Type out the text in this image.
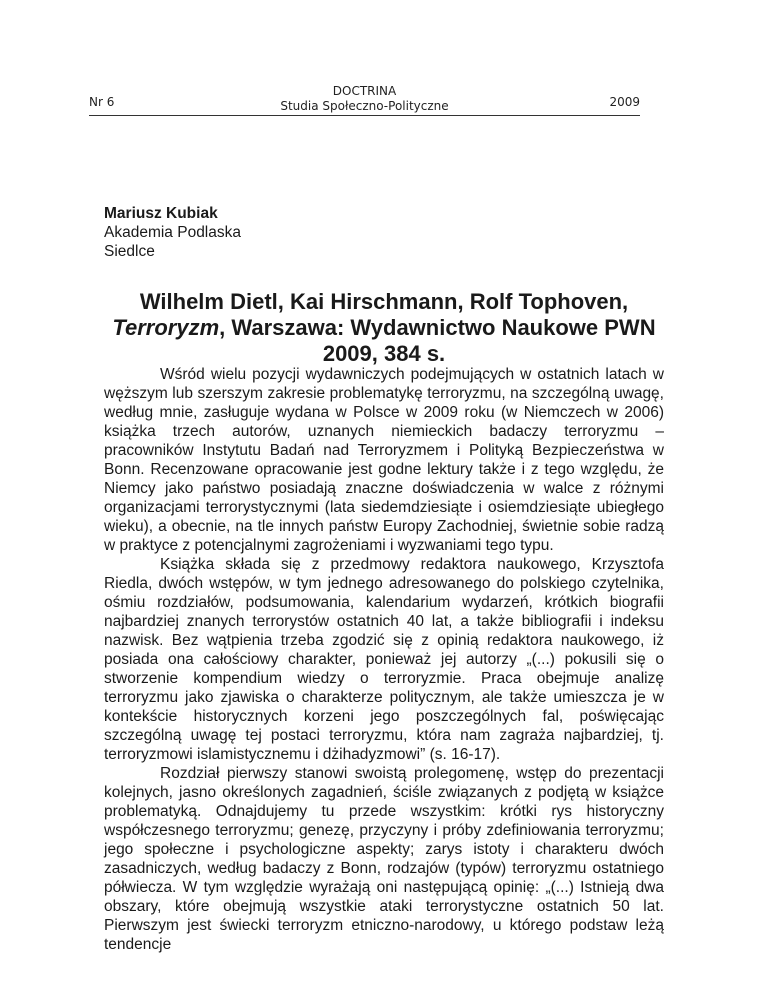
Nr 6
DOCTRINA
Studia Społeczno-Polityczne	2009
Mariusz Kubiak
Akademia Podlaska
Siedlce
Wilhelm Dietl, Kai Hirschmann, Rolf Tophoven,
Terroryzm, Warszawa: Wydawnictwo Naukowe PWN
2009, 384 s.

Wśród wielu pozycji wydawniczych podejmujących w ostatnich latach w węższym lub szerszym zakresie problematykę terroryzmu, na szczególną uwagę, według mnie, zasługuje wydana w Polsce w 2009 roku (w Niemczech w 2006) książka trzech autorów, uznanych niemieckich badaczy terroryzmu – pracowników Instytutu Badań nad Terroryzmem i Polityką Bezpieczeństwa w Bonn. Recenzowane opracowanie jest godne lektury także i z tego względu, że Niemcy jako państwo posiadają znaczne doświadczenia w walce z różnymi organizacjami terrorystycznymi (lata siedemdziesiąte i osiemdziesiąte ubiegłego wieku), a obecnie, na tle innych państw Europy Zachodniej, świetnie sobie radzą w praktyce z potencjalnymi zagrożeniami i wyzwaniami tego typu.

Książka składa się z przedmowy redaktora naukowego, Krzysztofa Riedla, dwóch wstępów, w tym jednego adresowanego do polskiego czytelnika, ośmiu rozdziałów, podsumowania, kalendarium wydarzeń, krótkich biografii najbardziej znanych terrorystów ostatnich 40 lat, a także bibliografii i indeksu nazwisk. Bez wątpienia trzeba zgodzić się z opinią redaktora naukowego, iż posiada ona całościowy charakter, ponieważ jej autorzy „(...) pokusili się o stworzenie kompendium wiedzy o terroryzmie. Praca obejmuje analizę terroryzmu jako zjawiska o charakterze politycznym, ale także umieszcza je w kontekście historycznych korzeni jego poszczególnych fal, poświęcając szczególną uwagę tej postaci terroryzmu, która nam zagraża najbardziej, tj. terroryzmowi islamistycznemu i dżihadyzmowi” (s. 16-17).

Rozdział pierwszy stanowi swoistą prolegomenę, wstęp do prezentacji kolejnych, jasno określonych zagadnień, ściśle związanych z podjętą w książce problematyką. Odnajdujemy tu przede wszystkim: krótki rys historyczny współczesnego terroryzmu; genezę, przyczyny i próby zdefiniowania terroryzmu; jego społeczne i psychologiczne aspekty; zarys istoty i charakteru dwóch zasadniczych, według badaczy z Bonn, rodzajów (typów) terroryzmu ostatniego półwiecza. W tym względzie wyrażają oni następującą opinię: „(...) Istnieją dwa obszary, które obejmują wszystkie ataki terrorystyczne ostatnich 50 lat. Pierwszym jest świecki terroryzm etniczno-narodowy, u którego podstaw leżą tendencje
